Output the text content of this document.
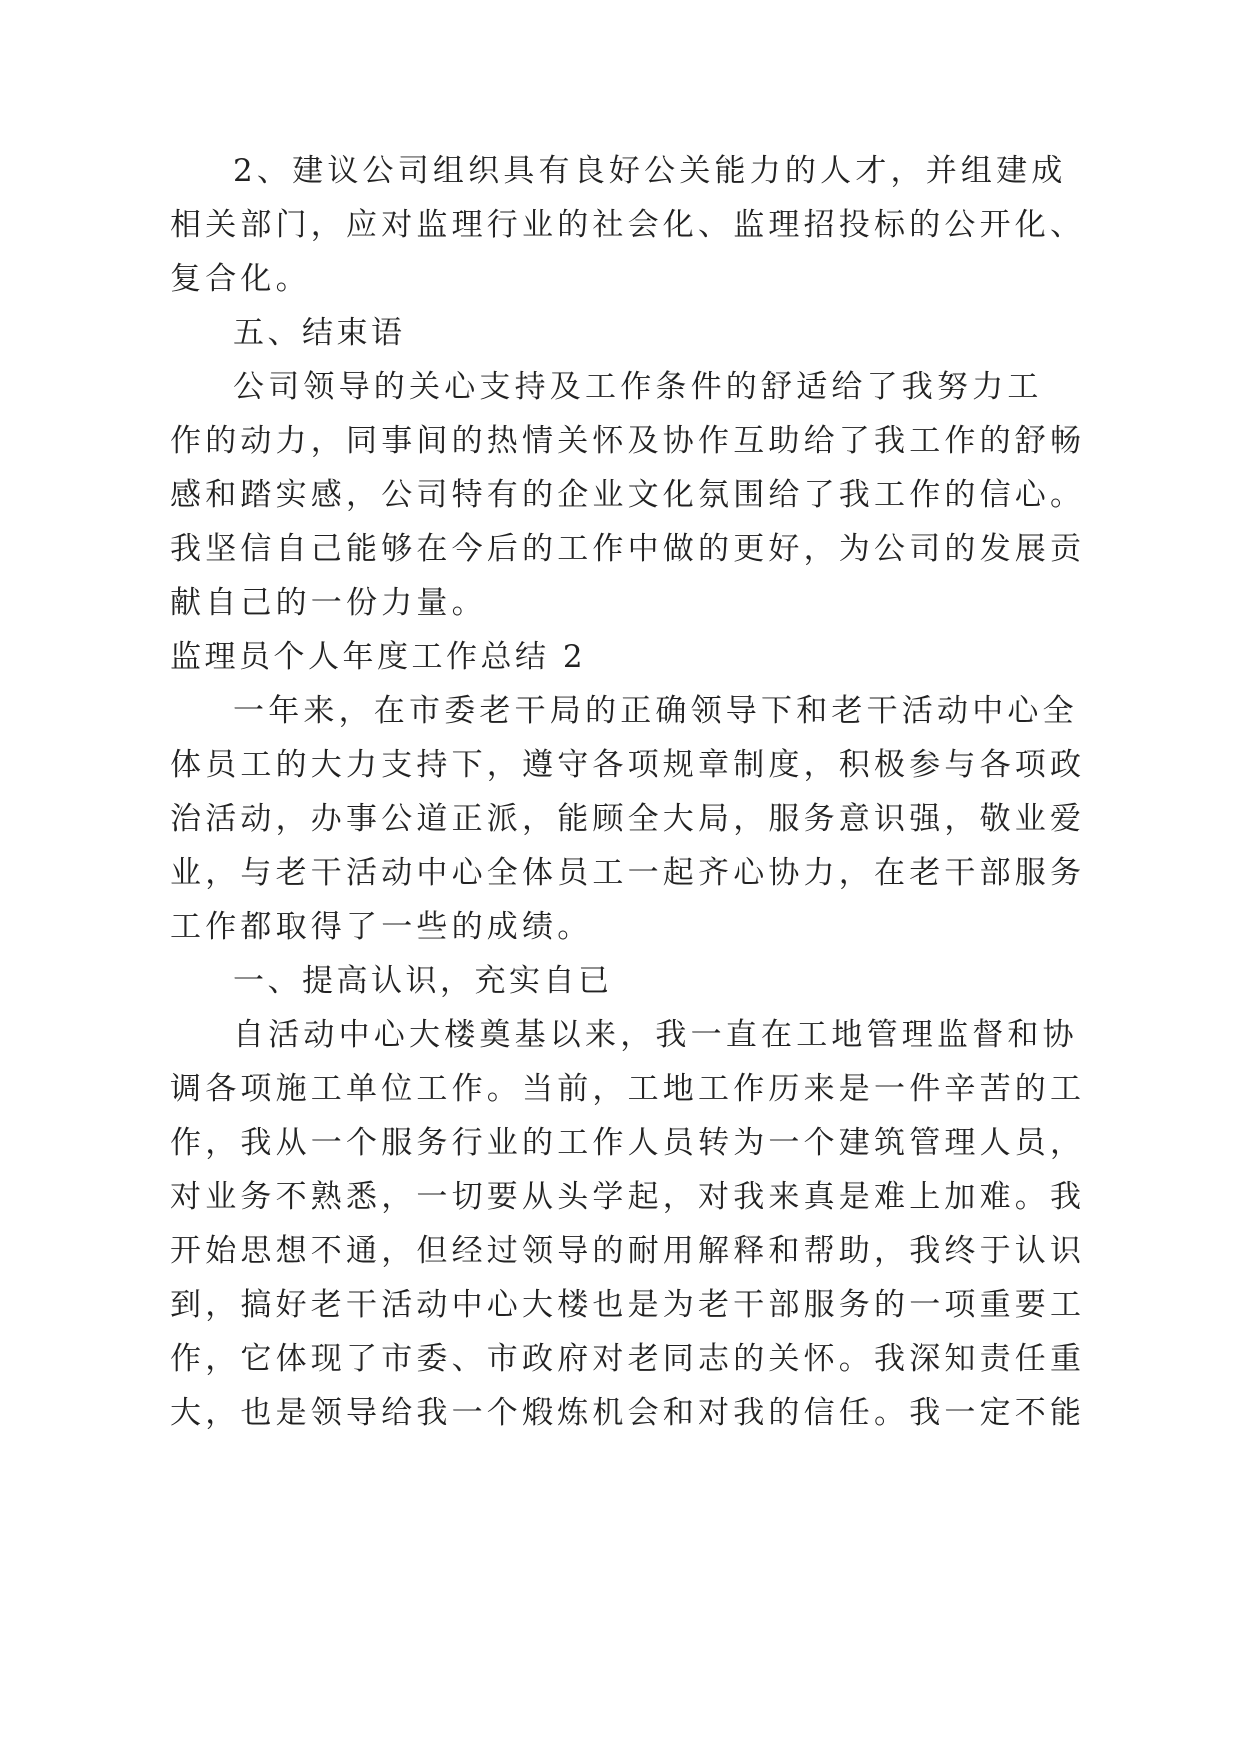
2、建议公司组织具有良好公关能力的人才，并组建成

相关部门，应对监理行业的社会化、监理招投标的公开化、

复合化。

五、结束语

公司领导的关心支持及工作条件的舒适给了我努力工

作的动力，同事间的热情关怀及协作互助给了我工作的舒畅

感和踏实感，公司特有的企业文化氛围给了我工作的信心。

我坚信自己能够在今后的工作中做的更好，为公司的发展贡

献自己的一份力量。

监理员个人年度工作总结 2

一年来，在市委老干局的正确领导下和老干活动中心全

体员工的大力支持下，遵守各项规章制度，积极参与各项政

治活动，办事公道正派，能顾全大局，服务意识强，敬业爱

业，与老干活动中心全体员工一起齐心协力，在老干部服务

工作都取得了一些的成绩。

一、提高认识，充实自已

自活动中心大楼奠基以来，我一直在工地管理监督和协

调各项施工单位工作。当前，工地工作历来是一件辛苦的工

作，我从一个服务行业的工作人员转为一个建筑管理人员，

对业务不熟悉，一切要从头学起，对我来真是难上加难。我

开始思想不通，但经过领导的耐用解释和帮助，我终于认识

到，搞好老干活动中心大楼也是为老干部服务的一项重要工

作，它体现了市委、市政府对老同志的关怀。我深知责任重

大，也是领导给我一个煅炼机会和对我的信任。我一定不能
